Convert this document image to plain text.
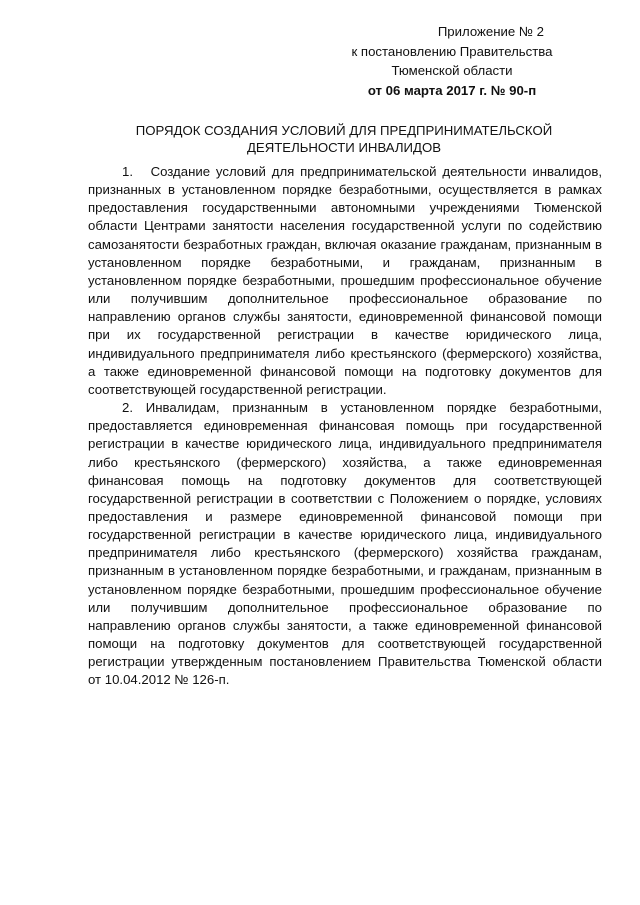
Приложение № 2
к постановлению Правительства
Тюменской области
от 06 марта 2017 г. № 90-п
ПОРЯДОК СОЗДАНИЯ УСЛОВИЙ ДЛЯ ПРЕДПРИНИМАТЕЛЬСКОЙ
ДЕЯТЕЛЬНОСТИ ИНВАЛИДОВ

1.   Создание условий для предпринимательской деятельности инвалидов, признанных в установленном порядке безработными, осуществляется в рамках предоставления государственными автономными учреждениями Тюменской области Центрами занятости населения государственной услуги по содействию самозанятости безработных граждан, включая оказание гражданам, признанным в установленном порядке безработными, и гражданам, признанным в установленном порядке безработными, прошедшим профессиональное обучение или получившим дополнительное профессиональное образование по направлению органов службы занятости, единовременной финансовой помощи при их государственной регистрации в качестве юридического лица, индивидуального предпринимателя либо крестьянского (фермерского) хозяйства, а также единовременной финансовой помощи на подготовку документов для соответствующей государственной регистрации.

2. Инвалидам, признанным в установленном порядке безработными, предоставляется единовременная финансовая помощь при государственной регистрации в качестве юридического лица, индивидуального предпринимателя либо крестьянского (фермерского) хозяйства, а также единовременная финансовая помощь на подготовку документов для соответствующей государственной регистрации в соответствии с Положением о порядке, условиях предоставления и размере единовременной финансовой помощи при государственной регистрации в качестве юридического лица, индивидуального предпринимателя либо крестьянского (фермерского) хозяйства гражданам, признанным в установленном порядке безработными, и гражданам, признанным в установленном порядке безработными, прошедшим профессиональное обучение или получившим дополнительное профессиональное образование по направлению органов службы занятости, а также единовременной финансовой помощи на подготовку документов для соответствующей государственной регистрации утвержденным постановлением Правительства Тюменской области от 10.04.2012 № 126-п.
